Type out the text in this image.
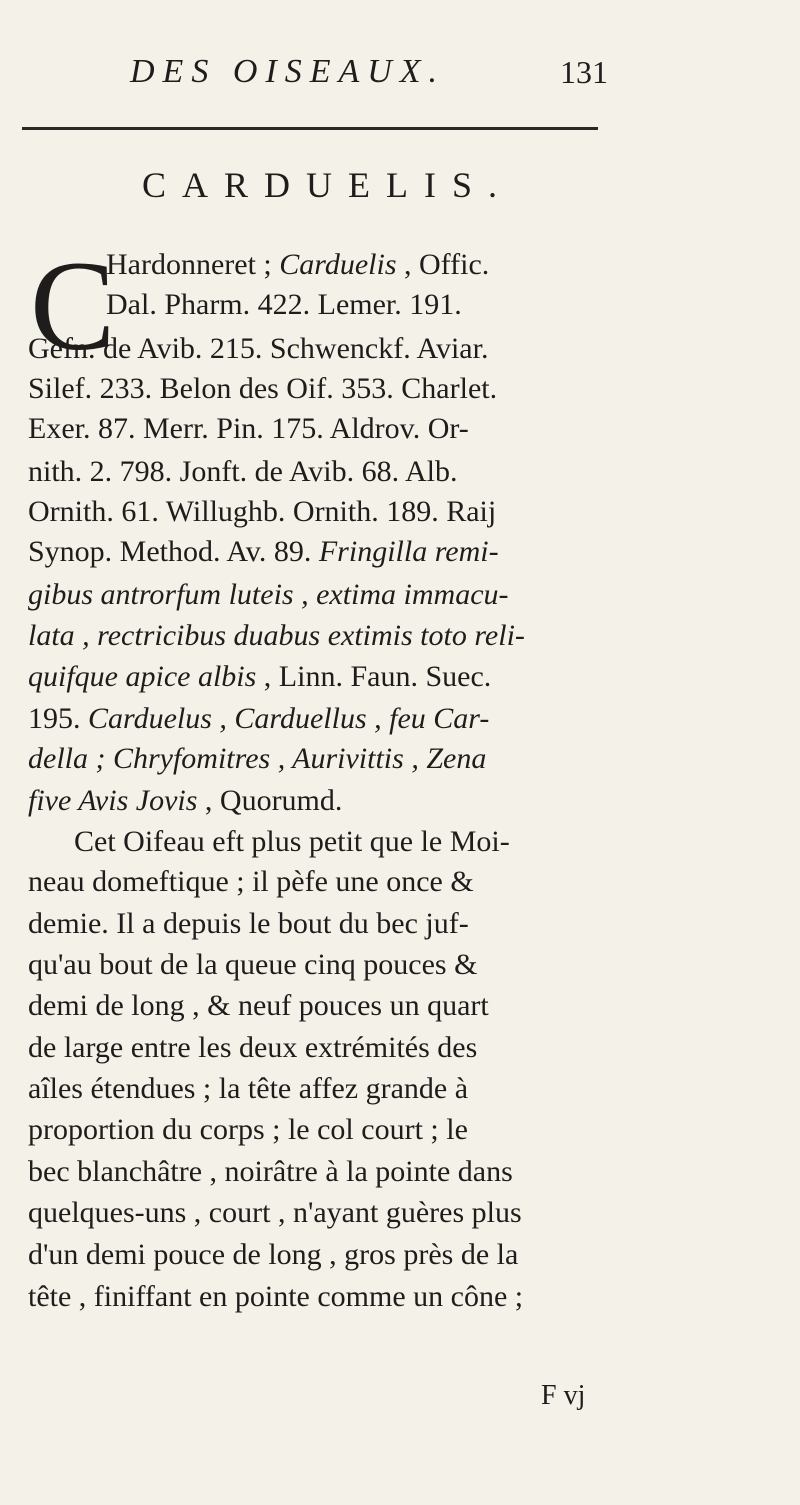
DES OISEAUX.	131
CARDUELIS.
C
Hardonneret ; Carduelis , Offic.
Dal. Pharm. 422. Lemer. 191.
Gefn. de Avib. 215. Schwenckf. Aviar.
Silef. 233. Belon des Oif. 353. Charlet.
Exer. 87. Merr. Pin. 175. Aldrov. Or-
nith. 2. 798. Jonft. de Avib. 68. Alb.
Ornith. 61. Willughb. Ornith. 189. Raij
Synop. Method. Av. 89. Fringilla remi-
gibus antrorfum luteis , extima immacu-
lata , rectricibus duabus extimis toto reli-
quifque apice albis , Linn. Faun. Suec.
195. Carduelus , Carduellus , feu Car-
della ; Chryfomitres , Aurivittis , Zena
five Avis Jovis , Quorumd.
Cet Oifeau eft plus petit que le Moi-
neau domeftique ; il pèfe une once &
demie. Il a depuis le bout du bec juf-
qu'au bout de la queue cinq pouces &
demi de long , & neuf pouces un quart
de large entre les deux extrémités des
aîles étendues ; la tête affez grande à
proportion du corps ; le col court ; le
bec blanchâtre , noirâtre à la pointe dans
quelques-uns , court , n'ayant guères plus
d'un demi pouce de long , gros près de la
tête , finiffant en pointe comme un cône ;
F vj
